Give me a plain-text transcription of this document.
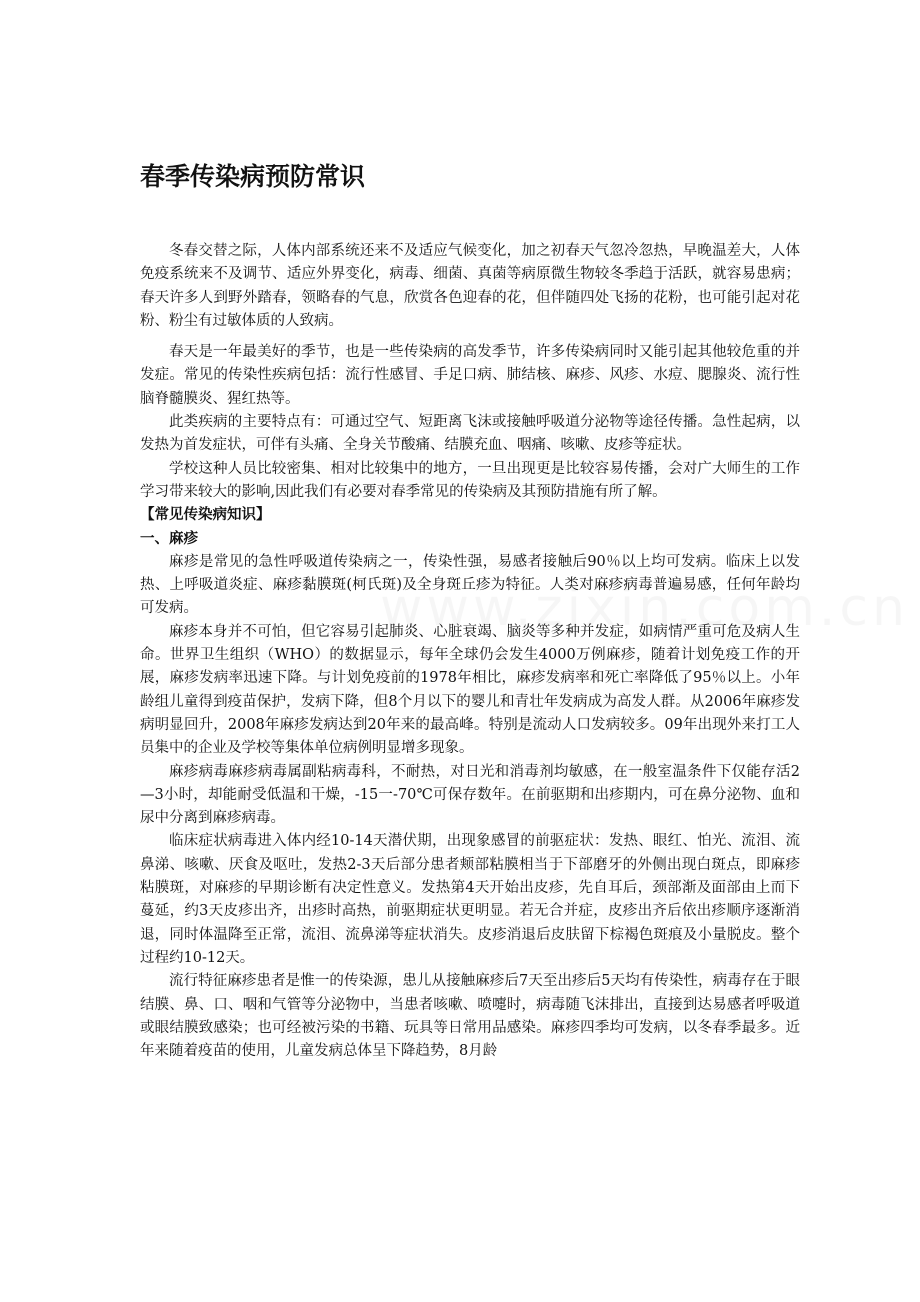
春季传染病预防常识

冬春交替之际，人体内部系统还来不及适应气候变化，加之初春天气忽冷忽热，早晚温差大，人体免疫系统来不及调节、适应外界变化，病毒、细菌、真菌等病原微生物较冬季趋于活跃，就容易患病；春天许多人到野外踏春，领略春的气息，欣赏各色迎春的花，但伴随四处飞扬的花粉，也可能引起对花粉、粉尘有过敏体质的人致病。

春天是一年最美好的季节，也是一些传染病的高发季节，许多传染病同时又能引起其他较危重的并发症。常见的传染性疾病包括：流行性感冒、手足口病、肺结核、麻疹、风疹、水痘、腮腺炎、流行性脑脊髓膜炎、猩红热等。

此类疾病的主要特点有：可通过空气、短距离飞沫或接触呼吸道分泌物等途径传播。急性起病，以发热为首发症状，可伴有头痛、全身关节酸痛、结膜充血、咽痛、咳嗽、皮疹等症状。

学校这种人员比较密集、相对比较集中的地方，一旦出现更是比较容易传播，会对广大师生的工作学习带来较大的影响,因此我们有必要对春季常见的传染病及其预防措施有所了解。

【常见传染病知识】

一、麻疹

麻疹是常见的急性呼吸道传染病之一，传染性强，易感者接触后90％以上均可发病。临床上以发热、上呼吸道炎症、麻疹黏膜斑(柯氏斑)及全身斑丘疹为特征。人类对麻疹病毒普遍易感，任何年龄均可发病。

麻疹本身并不可怕，但它容易引起肺炎、心脏衰竭、脑炎等多种并发症，如病情严重可危及病人生命。世界卫生组织（WHO）的数据显示，每年全球仍会发生4000万例麻疹，随着计划免疫工作的开展，麻疹发病率迅速下降。与计划免疫前的1978年相比，麻疹发病率和死亡率降低了95％以上。小年龄组儿童得到疫苗保护，发病下降，但8个月以下的婴儿和青壮年发病成为高发人群。从2006年麻疹发病明显回升，2008年麻疹发病达到20年来的最高峰。特别是流动人口发病较多。09年出现外来打工人员集中的企业及学校等集体单位病例明显增多现象。

麻疹病毒麻疹病毒属副粘病毒科，不耐热，对日光和消毒剂均敏感，在一般室温条件下仅能存活2—3小时，却能耐受低温和干燥，-15一-70℃可保存数年。在前驱期和出疹期内，可在鼻分泌物、血和尿中分离到麻疹病毒。

临床症状病毒进入体内经10-14天潜伏期，出现象感冒的前驱症状：发热、眼红、怕光、流泪、流鼻涕、咳嗽、厌食及呕吐，发热2-3天后部分患者颊部粘膜相当于下部磨牙的外侧出现白斑点，即麻疹粘膜斑，对麻疹的早期诊断有决定性意义。发热第4天开始出皮疹，先自耳后，颈部渐及面部由上而下蔓延，约3天皮疹出齐，出疹时高热，前驱期症状更明显。若无合并症，皮疹出齐后依出疹顺序逐渐消退，同时体温降至正常，流泪、流鼻涕等症状消失。皮疹消退后皮肤留下棕褐色斑痕及小量脱皮。整个过程约10-12天。

流行特征麻疹患者是惟一的传染源，患儿从接触麻疹后7天至出疹后5天均有传染性，病毒存在于眼结膜、鼻、口、咽和气管等分泌物中，当患者咳嗽、喷嚏时，病毒随飞沫排出，直接到达易感者呼吸道或眼结膜致感染；也可经被污染的书籍、玩具等日常用品感染。麻疹四季均可发病，以冬春季最多。近年来随着疫苗的使用，儿童发病总体呈下降趋势，8月龄
